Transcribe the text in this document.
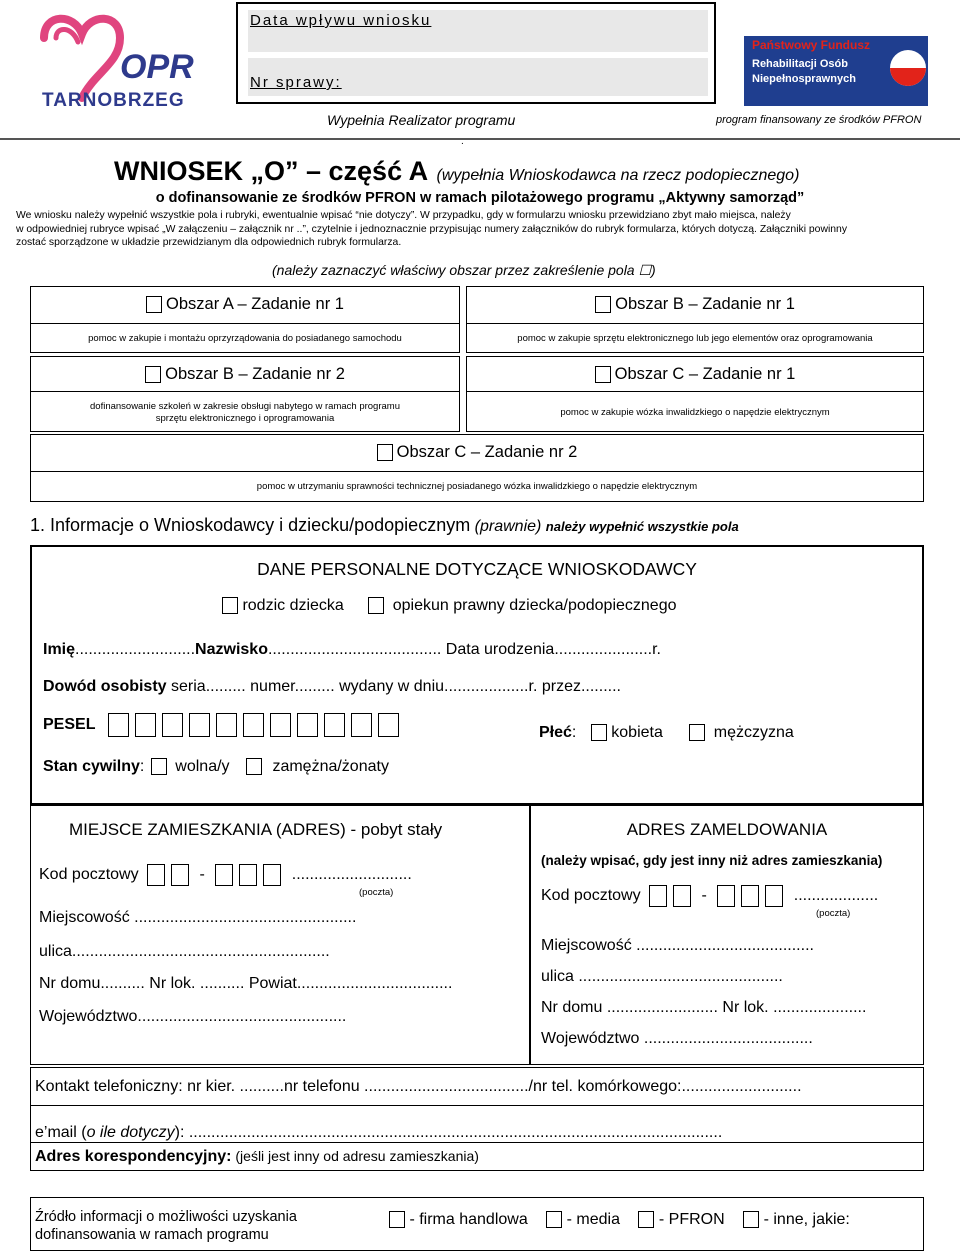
OPR
TARNOBRZEG
Data wpływu wniosku
Nr sprawy:
Państwowy Fundusz
Rehabilitacji Osób
Niepełnosprawnych
Wypełnia Realizator programu	program finansowany ze środków PFRON
.
WNIOSEK „O” – część A (wypełnia Wnioskodawca na rzecz podopiecznego)
o dofinansowanie ze środków PFRON w ramach pilotażowego programu „Aktywny samorząd”
We wniosku należy wypełnić wszystkie pola i rubryki, ewentualnie wpisać “nie dotyczy”. W przypadku, gdy w formularzu wniosku przewidziano zbyt mało miejsca, należy
w odpowiedniej rubryce wpisać „W załączeniu – załącznik nr ..”, czytelnie i jednoznacznie przypisując numery załączników do rubryk formularza, których dotyczą. Załączniki powinny
zostać sporządzone w układzie przewidzianym dla odpowiednich rubryk formularza.
(należy zaznaczyć właściwy obszar przez zakreślenie pola ☐)
Obszar A – Zadanie nr 1
pomoc w zakupie i montażu oprzyrządowania do posiadanego samochodu
Obszar B – Zadanie nr 1
pomoc w zakupie sprzętu elektronicznego lub jego elementów oraz oprogramowania
Obszar B – Zadanie nr 2
dofinansowanie szkoleń w zakresie obsługi nabytego w ramach programu
sprzętu elektronicznego i oprogramowania
Obszar C – Zadanie nr 1
pomoc w zakupie wózka inwalidzkiego o napędzie elektrycznym
Obszar C – Zadanie nr 2
pomoc w utrzymaniu sprawności technicznej posiadanego wózka inwalidzkiego o napędzie elektrycznym
1. Informacje o Wnioskodawcy i dziecku/podopiecznym (prawnie) należy wypełnić wszystkie pola
DANE PERSONALNE DOTYCZĄCE WNIOSKODAWCY
rodzic dziecka	opiekun prawny dziecka/podopiecznego
Imię...........................Nazwisko....................................... Data urodzenia......................r.
Dowód osobisty seria......... numer......... wydany w dniu...................r. przez.........
PESEL	Płeć: kobieta	mężczyzna
Stan cywilny: wolna/y	zamężna/żonaty
MIEJSCE ZAMIESZKANIA (ADRES) - pobyt stały
Kod pocztowy	-	...........................
(poczta)
Miejscowość ..................................................
ulica..........................................................
Nr domu.......... Nr lok. .......... Powiat...................................
Województwo...............................................
ADRES ZAMELDOWANIA
(należy wpisać, gdy jest inny niż adres zamieszkania)
Kod pocztowy	-	...................
(poczta)
Miejscowość ........................................
ulica ..............................................
Nr domu ......................... Nr lok. .....................
Województwo ......................................
Kontakt telefoniczny: nr kier. ..........nr telefonu ...................................../nr tel. komórkowego:...........................
e’mail (o ile dotyczy): ........................................................................................................................
Adres korespondencyjny: (jeśli jest inny od adresu zamieszkania)
Źródło informacji o możliwości uzyskania
dofinansowania w ramach programu
- firma handlowa - media - PFRON - inne, jakie:
